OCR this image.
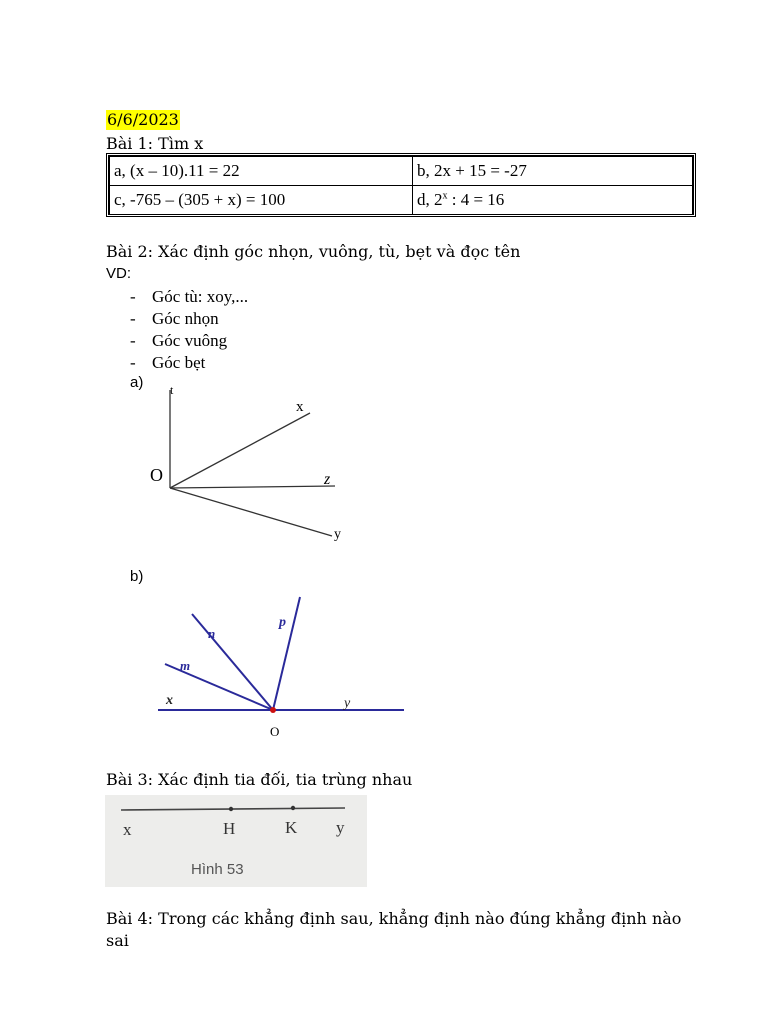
6/6/2023
Bài 1: Tìm x
a, (x – 10).11 = 22	b, 2x + 15 = -27
c, -765 – (305 + x) = 100	d, 2$^x$ : 4 = 16
Bài 2: Xác định góc nhọn, vuông, tù, bẹt và đọc tên
VD:
- Góc tù: xoy,...
- Góc nhọn
- Góc vuông
- Góc bẹt
a)
O
t
x
z
y
b)
n
p
m
x	y
O
Bài 3: Xác định tia đối, tia trùng nhau
x	H	K y
Hình 53
Bài 4: Trong các khẳng định sau, khẳng định nào đúng khẳng định nào sai
